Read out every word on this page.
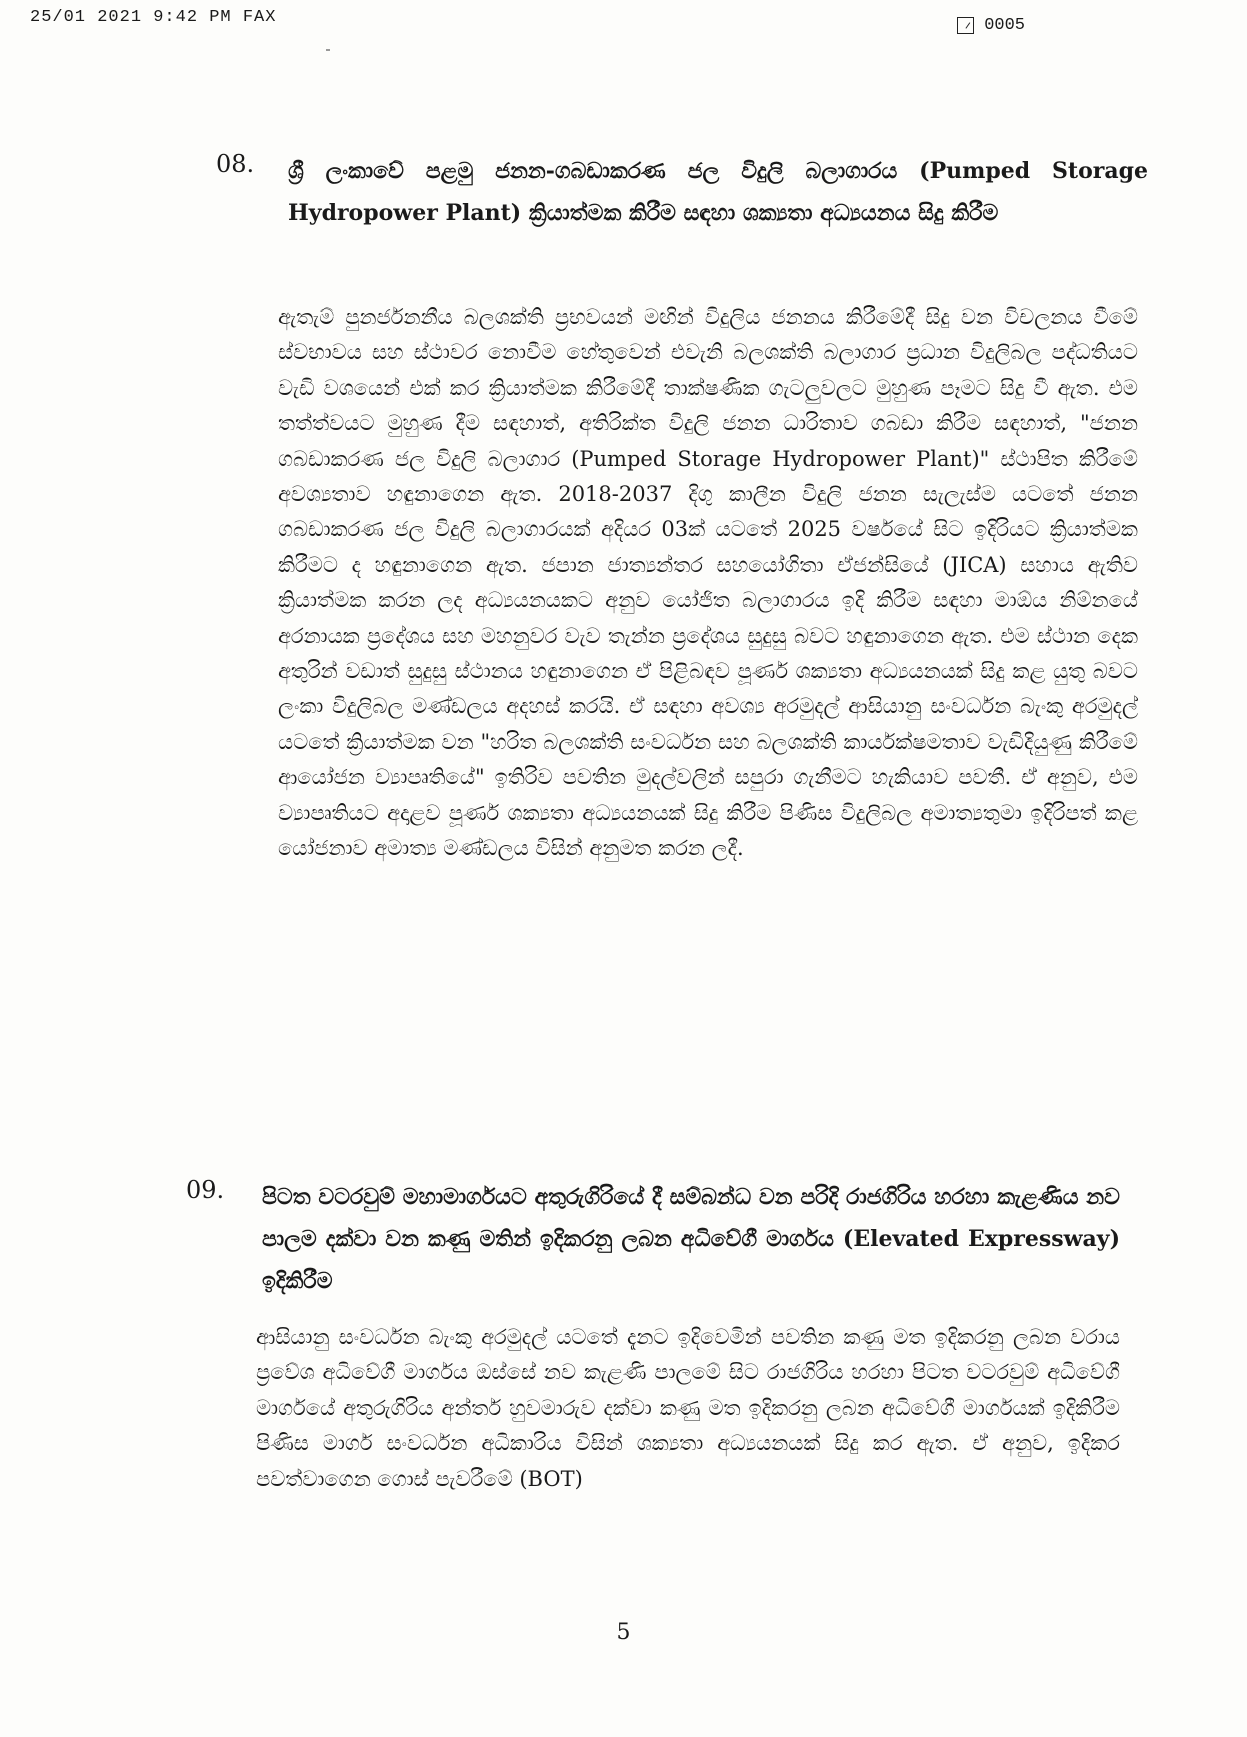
25/01 2021 9:42 PM FAX	0005
08. ශ්‍රී ලංකාවේ පළමු ජනන-ගබඩාකරණ ජල විදුලි බලාගාරය (Pumped Storage Hydropower Plant) ක්‍රියාත්මක කිරීම සඳහා ශක්‍යතා අධ්‍යයනය සිදු කිරීම
ඇතැම් පුනර්ජනනීය බලශක්ති ප්‍රභවයන් මඟින් විදුලිය ජනනය කිරීමේදී සිදු වන විචලනය වීමේ ස්වභාවය සහ ස්ථාවර නොවීම හේතුවෙන් එවැනි බලශක්ති බලාගාර ප්‍රධාන විදුලිබල පද්ධතියට වැඩි වශයෙන් එක් කර ක්‍රියාත්මක කිරීමේදී තාක්ෂණික ගැටලුවලට මුහුණ පෑමට සිදු වී ඇත. එම තත්ත්වයට මුහුණ දීම සඳහාත්, අතිරික්ත විදුලි ජනන ධාරිතාව ගබඩා කිරීම සඳහාත්, "ජනන ගබඩාකරණ ජල විදුලි බලාගාර (Pumped Storage Hydropower Plant)" ස්ථාපිත කිරීමේ අවශ්‍යතාව හඳුනාගෙන ඇත. 2018-2037 දිගු කාලීන විදුලි ජනන සැලැස්ම යටතේ ජනන ගබඩාකරණ ජල විදුලි බලාගාරයක් අදියර 03ක් යටතේ 2025 වර්ෂයේ සිට ඉදිරියට ක්‍රියාත්මක කිරීමට ද හඳුනාගෙන ඇත. ජපාන ජාත්‍යන්තර සහයෝගිතා ඒජන්සියේ (JICA) සහාය ඇතිව ක්‍රියාත්මක කරන ලද අධ්‍යයනයකට අනුව යෝජිත බලාගාරය ඉදි කිරීම සඳහා මාඕය නිම්නයේ අරනායක ප්‍රදේශය සහ මහනුවර වැව තැන්න ප්‍රදේශය සුදුසු බවට හඳුනාගෙන ඇත. එම ස්ථාන දෙක අතුරින් වඩාත් සුදුසු ස්ථානය හඳුනාගෙන ඒ පිළිබඳව පූර්ණ ශක්‍යතා අධ්‍යයනයක් සිදු කළ යුතු බවට ලංකා විදුලිබල මණ්ඩලය අදහස් කරයි. ඒ සඳහා අවශ්‍ය අරමුදල් ආසියානු සංවර්ධන බැංකු අරමුදල් යටතේ ක්‍රියාත්මක වන "හරිත බලශක්ති සංවර්ධන සහ බලශක්ති කාර්යක්ෂමතාව වැඩිදියුණු කිරීමේ ආයෝජන ව්‍යාපෘතියේ" ඉතිරිව පවතින මුදල්වලින් සපුරා ගැනීමට හැකියාව පවතී. ඒ අනුව, එම ව්‍යාපෘතියට අදාළව පූර්ණ ශක්‍යතා අධ්‍යයනයක් සිදු කිරීම පිණිස විදුලිබල අමාත්‍යතුමා ඉදිරිපත් කළ යෝජනාව අමාත්‍ය මණ්ඩලය විසින් අනුමත කරන ලදී.
09. පිටත වටරවුම් මහාමාර්ගයට අතුරුගිරියේ දී සම්බන්ධ වන පරිදි රාජගිරිය හරහා කැළණිය නව පාලම දක්වා වන කණු මතින් ඉදිකරනු ලබන අධිවේගී මාර්ගය (Elevated Expressway) ඉදිකිරීම
ආසියානු සංවර්ධන බැංකු අරමුදල් යටතේ දැනට ඉදිවෙමින් පවතින කණු මත ඉදිකරනු ලබන වරාය ප්‍රවේශ අධිවේගී මාර්ගය ඔස්සේ නව කැළණි පාලමේ සිට රාජගිරිය හරහා පිටත වටරවුම් අධිවේගී මාර්ගයේ අතුරුගිරිය අන්තර් හුවමාරුව දක්වා කණු මත ඉදිකරනු ලබන අධිවේගී මාර්ගයක් ඉදිකිරීම පිණිස මාර්ග සංවර්ධන අධිකාරිය විසින් ශක්‍යතා අධ්‍යයනයක් සිදු කර ඇත. ඒ අනුව, ඉදිකර පවත්වාගෙන ගොස් පැවරීමේ (BOT)
5
